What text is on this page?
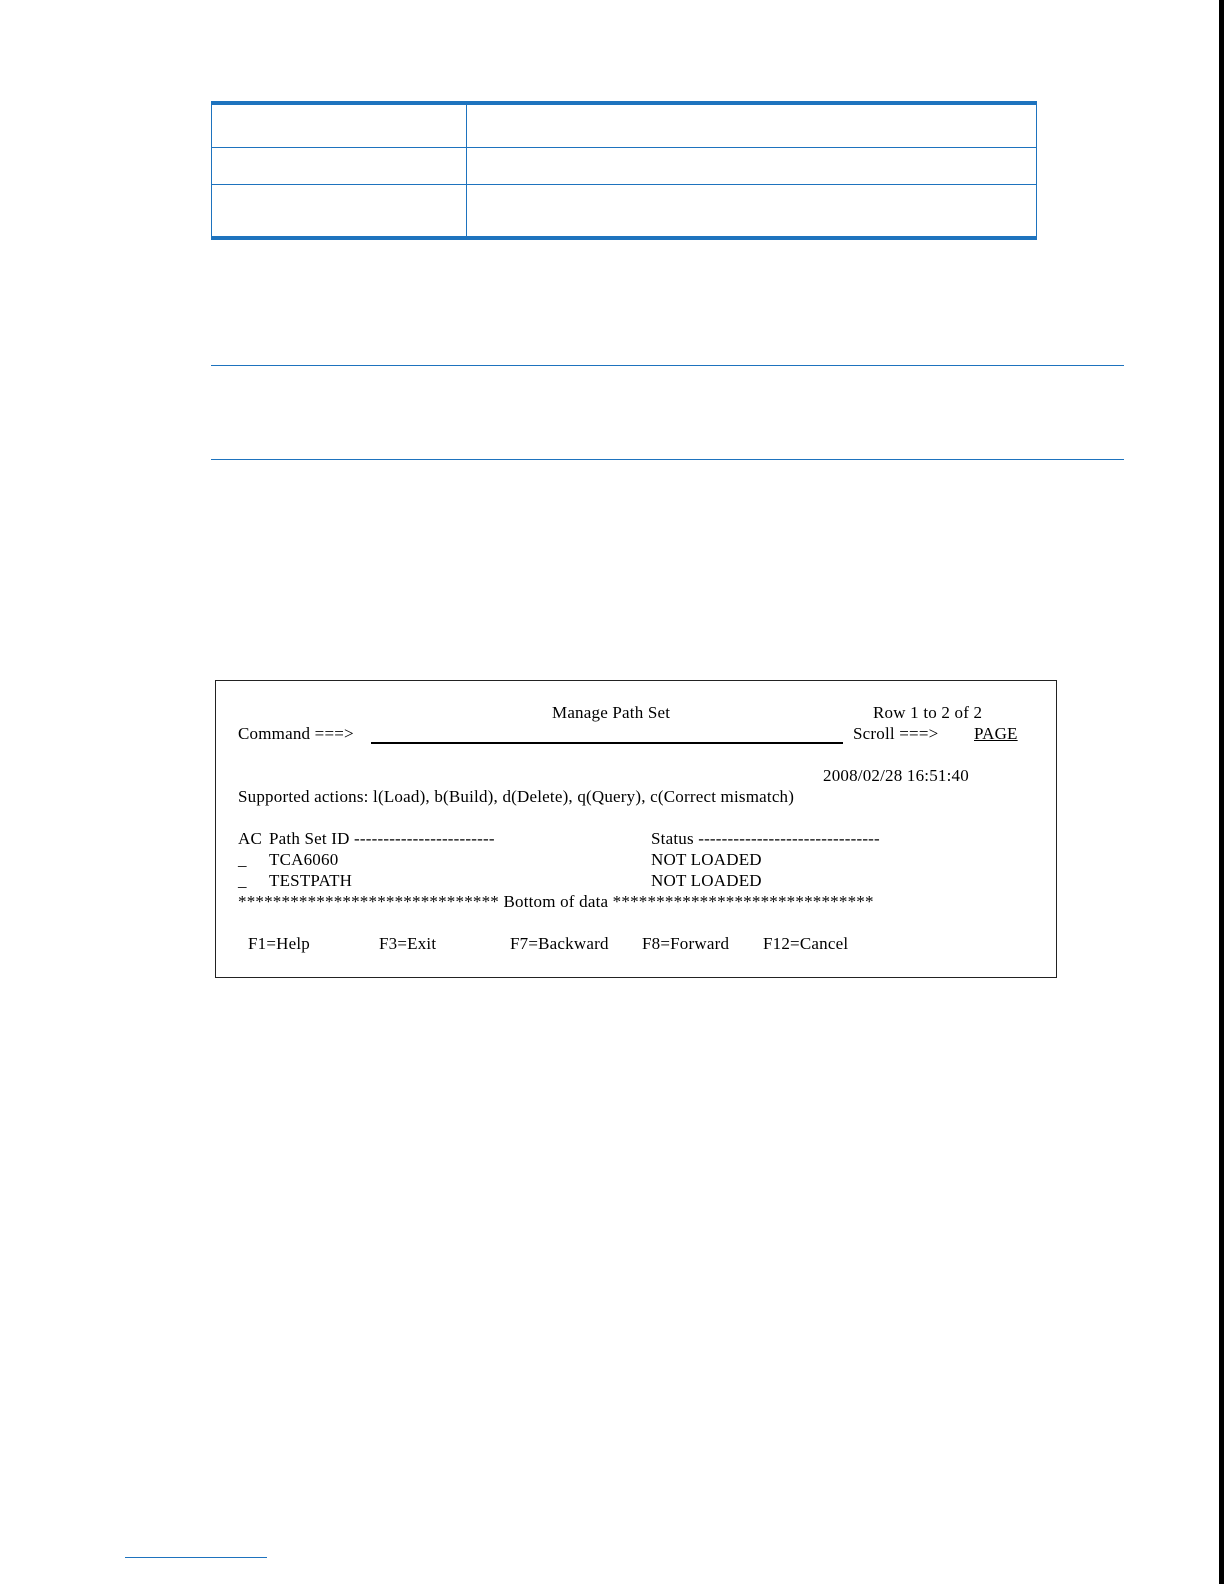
Manage Path Set	Row 1 to 2 of 2
Command ===>	Scroll ===> PAGE
2008/02/28 16:51:40
Supported actions: l(Load), b(Build), d(Delete), q(Query), c(Correct mismatch)
AC Path Set ID ------------------------	Status -------------------------------
_ TCA6060	NOT LOADED
_ TESTPATH	NOT LOADED
****************************** Bottom of data ******************************
F1=Help	F3=Exit	F7=Backward F8=Forward F12=Cancel
